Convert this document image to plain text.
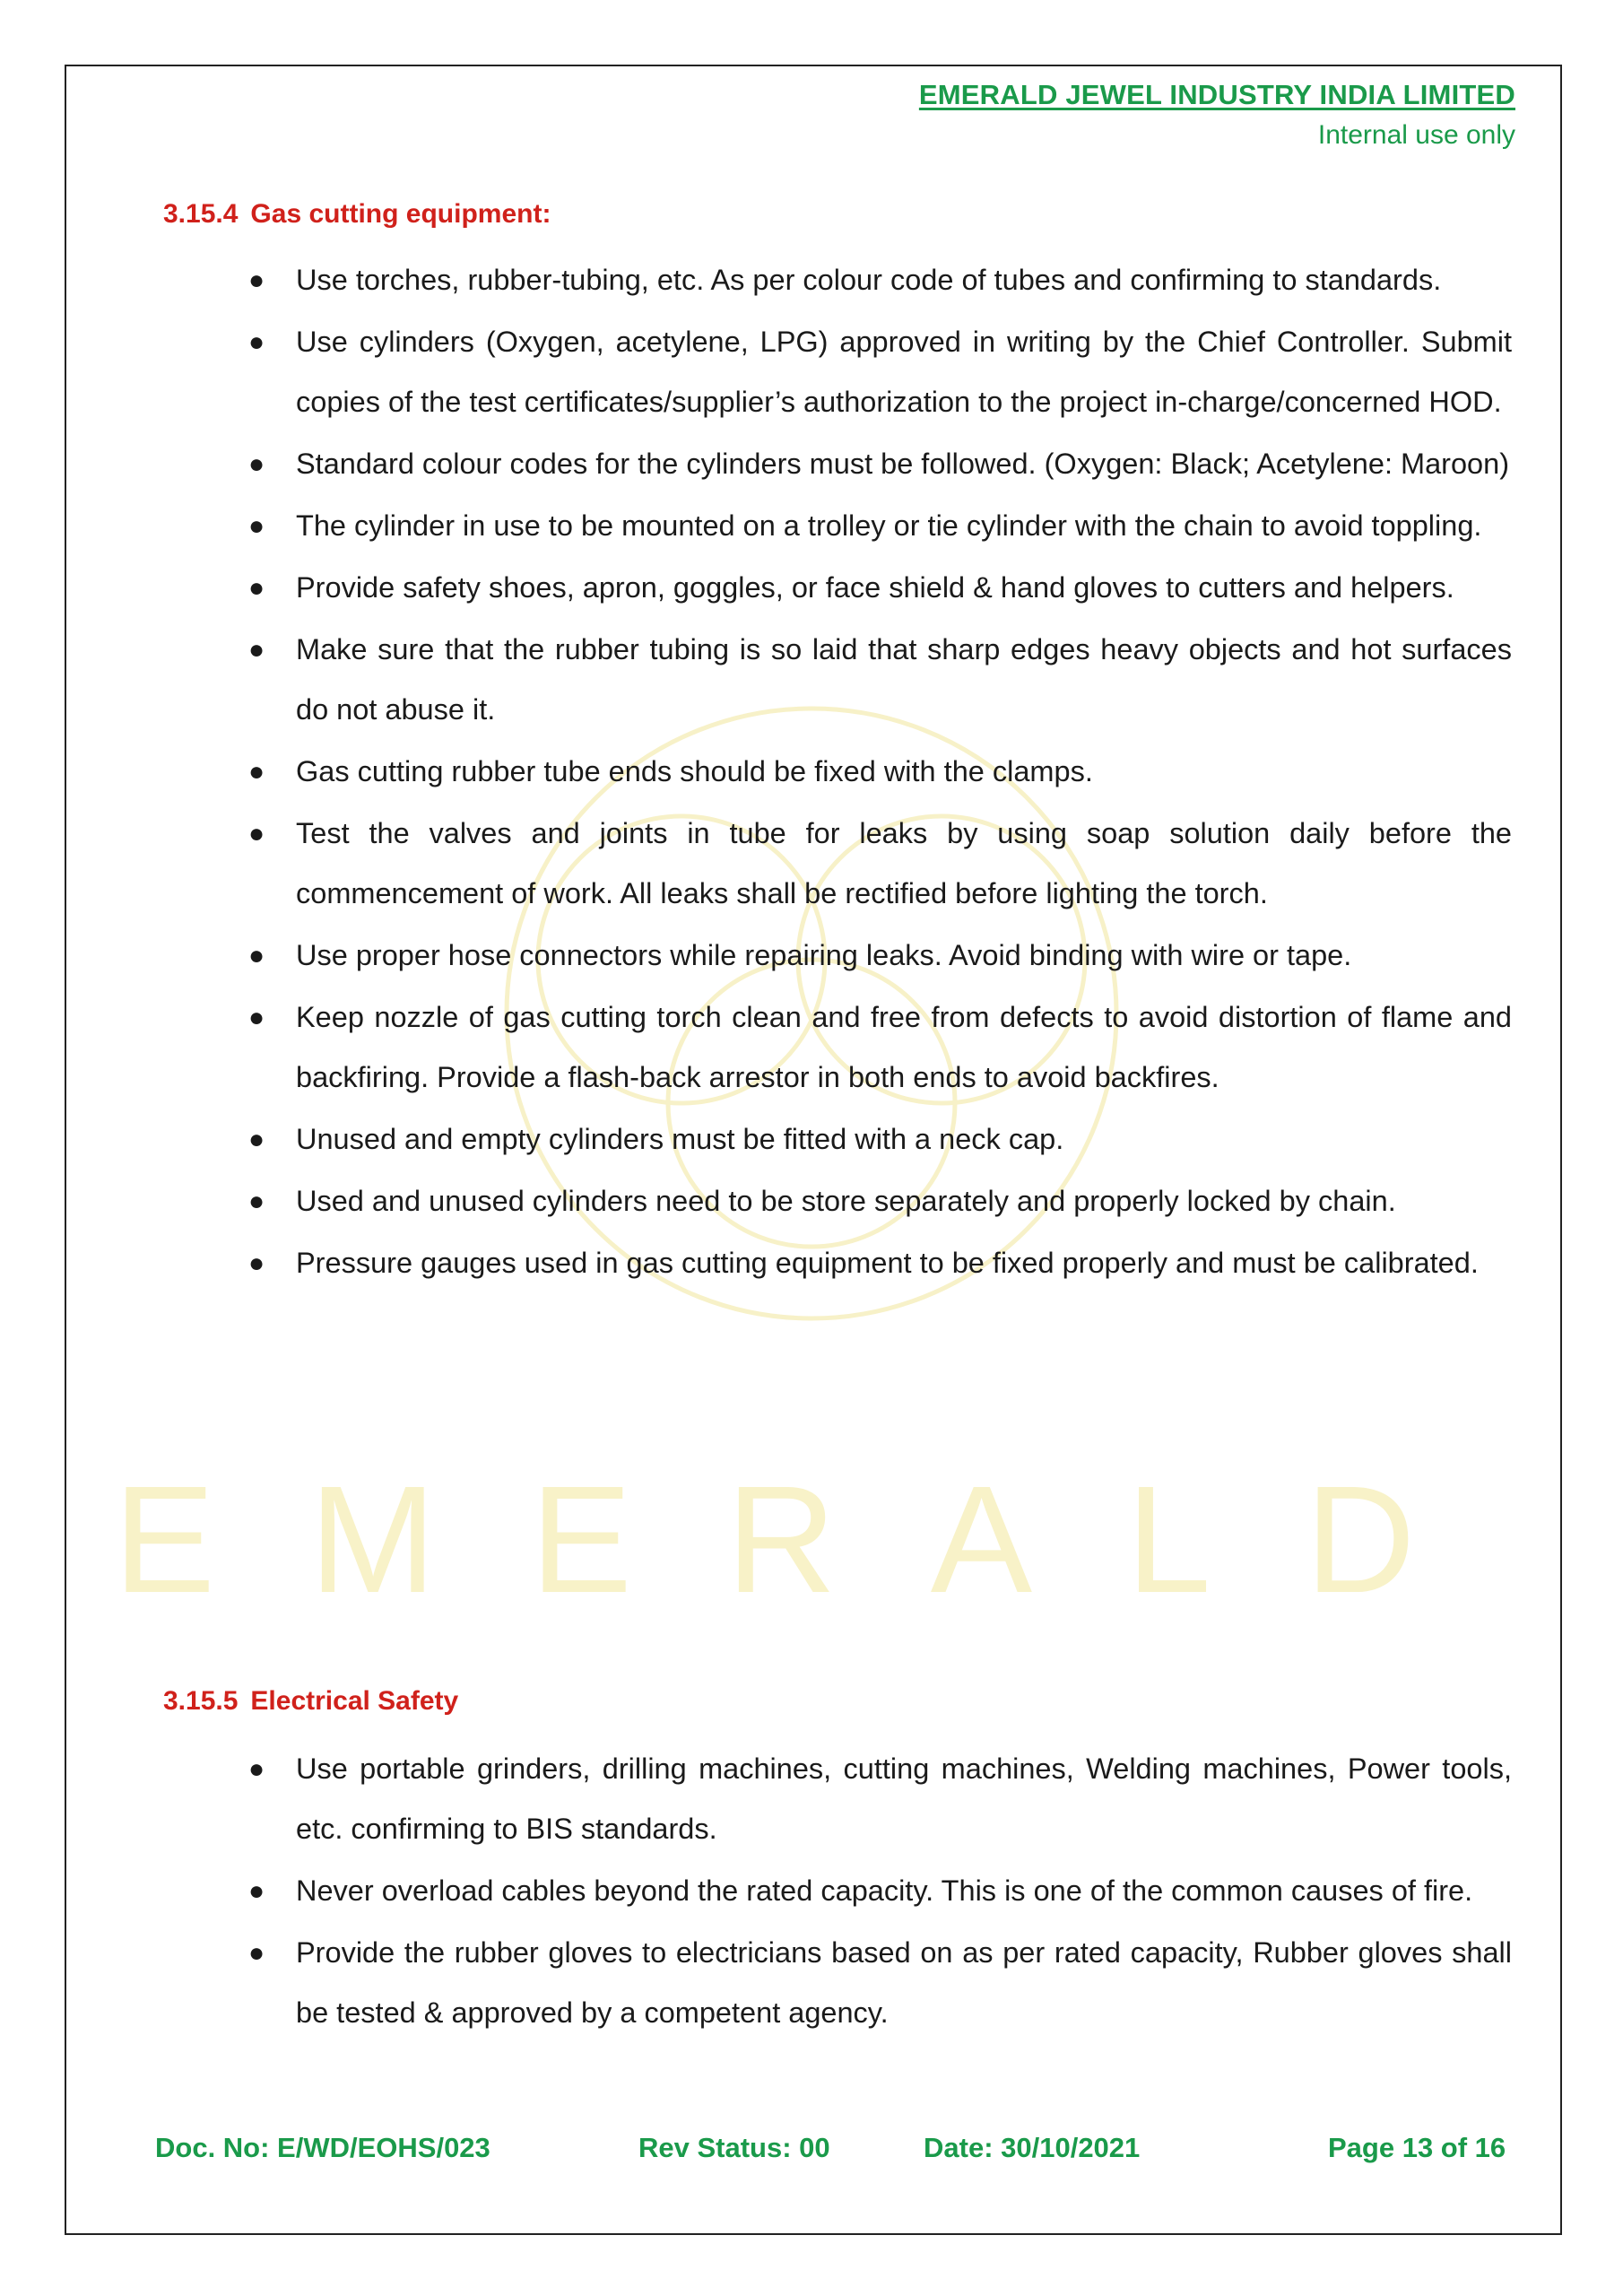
EMERALD
EMERALD JEWEL INDUSTRY INDIA LIMITED
Internal use only
3.15.4 Gas cutting equipment:
● Use torches, rubber-tubing, etc. As per colour code of tubes and confirming to standards.
● Use cylinders (Oxygen, acetylene, LPG) approved in writing by the Chief Controller. Submit copies of the test certificates/supplier’s authorization to the project in-charge/concerned HOD.
● Standard colour codes for the cylinders must be followed. (Oxygen: Black; Acetylene: Maroon)
● The cylinder in use to be mounted on a trolley or tie cylinder with the chain to avoid toppling.
● Provide safety shoes, apron, goggles, or face shield & hand gloves to cutters and helpers.
● Make sure that the rubber tubing is so laid that sharp edges heavy objects and hot surfaces do not abuse it.
● Gas cutting rubber tube ends should be fixed with the clamps.
● Test the valves and joints in tube for leaks by using soap solution daily before the commencement of work. All leaks shall be rectified before lighting the torch.
● Use proper hose connectors while repairing leaks. Avoid binding with wire or tape.
● Keep nozzle of gas cutting torch clean and free from defects to avoid distortion of flame and backfiring. Provide a flash-back arrestor in both ends to avoid backfires.
● Unused and empty cylinders must be fitted with a neck cap.
● Used and unused cylinders need to be store separately and properly locked by chain.
● Pressure gauges used in gas cutting equipment to be fixed properly and must be calibrated.
3.15.5 Electrical Safety
● Use portable grinders, drilling machines, cutting machines, Welding machines, Power tools, etc. confirming to BIS standards.
● Never overload cables beyond the rated capacity. This is one of the common causes of fire.
● Provide the rubber gloves to electricians based on as per rated capacity, Rubber gloves shall be tested & approved by a competent agency.
Doc. No: E/WD/EOHS/023	Rev Status: 00	Date: 30/10/2021	Page 13 of 16
